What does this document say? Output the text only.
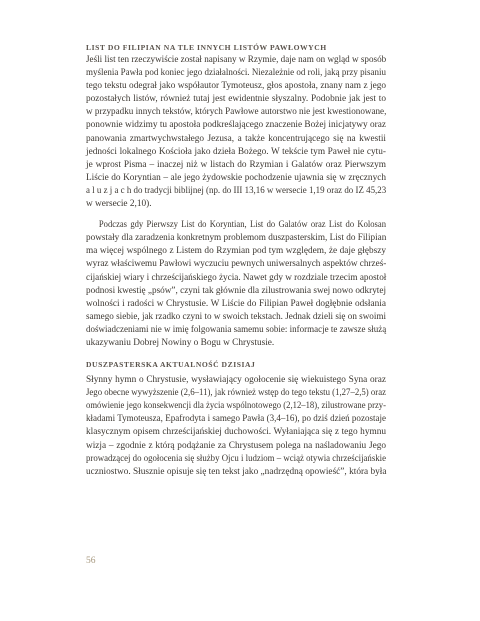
LIST DO FILIPIAN NA TLE INNYCH LISTÓW PAWŁOWYCH
Jeśli list ten rzeczywiście został napisany w Rzymie, daje nam on wgląd w sposób
myślenia Pawła pod koniec jego działalności. Niezależnie od roli, jaką przy pisaniu
tego tekstu odegrał jako współautor Tymoteusz, głos apostoła, znany nam z jego
pozostałych listów, również tutaj jest ewidentnie słyszalny. Podobnie jak jest to
w przypadku innych tekstów, których Pawłowe autorstwo nie jest kwestionowane,
ponownie widzimy tu apostoła podkreślającego znaczenie Bożej inicjatywy oraz
panowania zmartwychwstałego Jezusa, a także koncentrującego się na kwestii
jedności lokalnego Kościoła jako dzieła Bożego. W tekście tym Paweł nie cytu-
je wprost Pisma – inaczej niż w listach do Rzymian i Galatów oraz Pierwszym
Liście do Koryntian – ale jego żydowskie pochodzenie ujawnia się w zręcznych
a l u z j a c h do tradycji biblijnej (np. do III 13,16 w wersecie 1,19 oraz do IZ 45,23
w wersecie 2,10).
Podczas gdy Pierwszy List do Koryntian, List do Galatów oraz List do Kolosan
powstały dla zaradzenia konkretnym problemom duszpasterskim, List do Filipian
ma więcej wspólnego z Listem do Rzymian pod tym względem, że daje głębszy
wyraz właściwemu Pawłowi wyczuciu pewnych uniwersalnych aspektów chrześ-
cijańskiej wiary i chrześcijańskiego życia. Nawet gdy w rozdziale trzecim apostoł
podnosi kwestię „psów”, czyni tak głównie dla zilustrowania swej nowo odkrytej
wolności i radości w Chrystusie. W Liście do Filipian Paweł dogłębnie odsłania
samego siebie, jak rzadko czyni to w swoich tekstach. Jednak dzieli się on swoimi
doświadczeniami nie w imię folgowania samemu sobie: informacje te zawsze służą
ukazywaniu Dobrej Nowiny o Bogu w Chrystusie.
DUSZPASTERSKA AKTUALNOŚĆ DZISIAJ
Słynny hymn o Chrystusie, wysławiający ogołocenie się wiekuistego Syna oraz
Jego obecne wywyższenie (2,6–11), jak również wstęp do tego tekstu (1,27–2,5) oraz
omówienie jego konsekwencji dla życia wspólnotowego (2,12–18), zilustrowane przy-
kładami Tymoteusza, Epafrodyta i samego Pawła (3,4–16), po dziś dzień pozostaje
klasycznym opisem chrześcijańskiej duchowości. Wyłaniająca się z tego hymnu
wizja – zgodnie z którą podążanie za Chrystusem polega na naśladowaniu Jego
prowadzącej do ogołocenia się służby Ojcu i ludziom – wciąż otywia chrześcijańskie
uczniostwo. Słusznie opisuje się ten tekst jako „nadrzędną opowieść”, która była
56
